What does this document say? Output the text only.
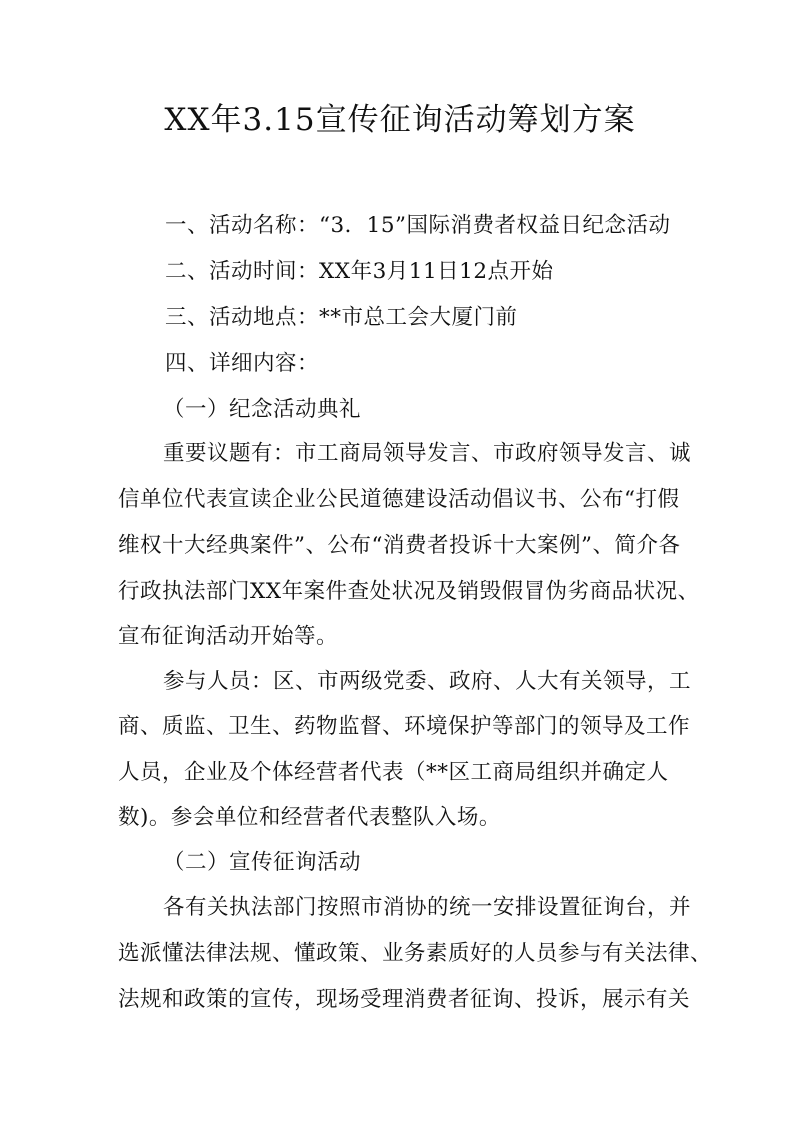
XX年3.15宣传征询活动筹划方案
一、活动名称：“3．15”国际消费者权益日纪念活动
二、活动时间：XX年3月11日12点开始
三、活动地点：**市总工会大厦门前
四、详细内容：
（一）纪念活动典礼
重要议题有：市工商局领导发言、市政府领导发言、诚
信单位代表宣读企业公民道德建设活动倡议书、公布“打假
维权十大经典案件”、公布“消费者投诉十大案例”、简介各
行政执法部门XX年案件查处状况及销毁假冒伪劣商品状况、
宣布征询活动开始等。
参与人员：区、市两级党委、政府、人大有关领导，工
商、质监、卫生、药物监督、环境保护等部门的领导及工作
人员，企业及个体经营者代表（**区工商局组织并确定人
数)。参会单位和经营者代表整队入场。
（二）宣传征询活动
各有关执法部门按照市消协的统一安排设置征询台，并
选派懂法律法规、懂政策、业务素质好的人员参与有关法律、
法规和政策的宣传，现场受理消费者征询、投诉，展示有关
